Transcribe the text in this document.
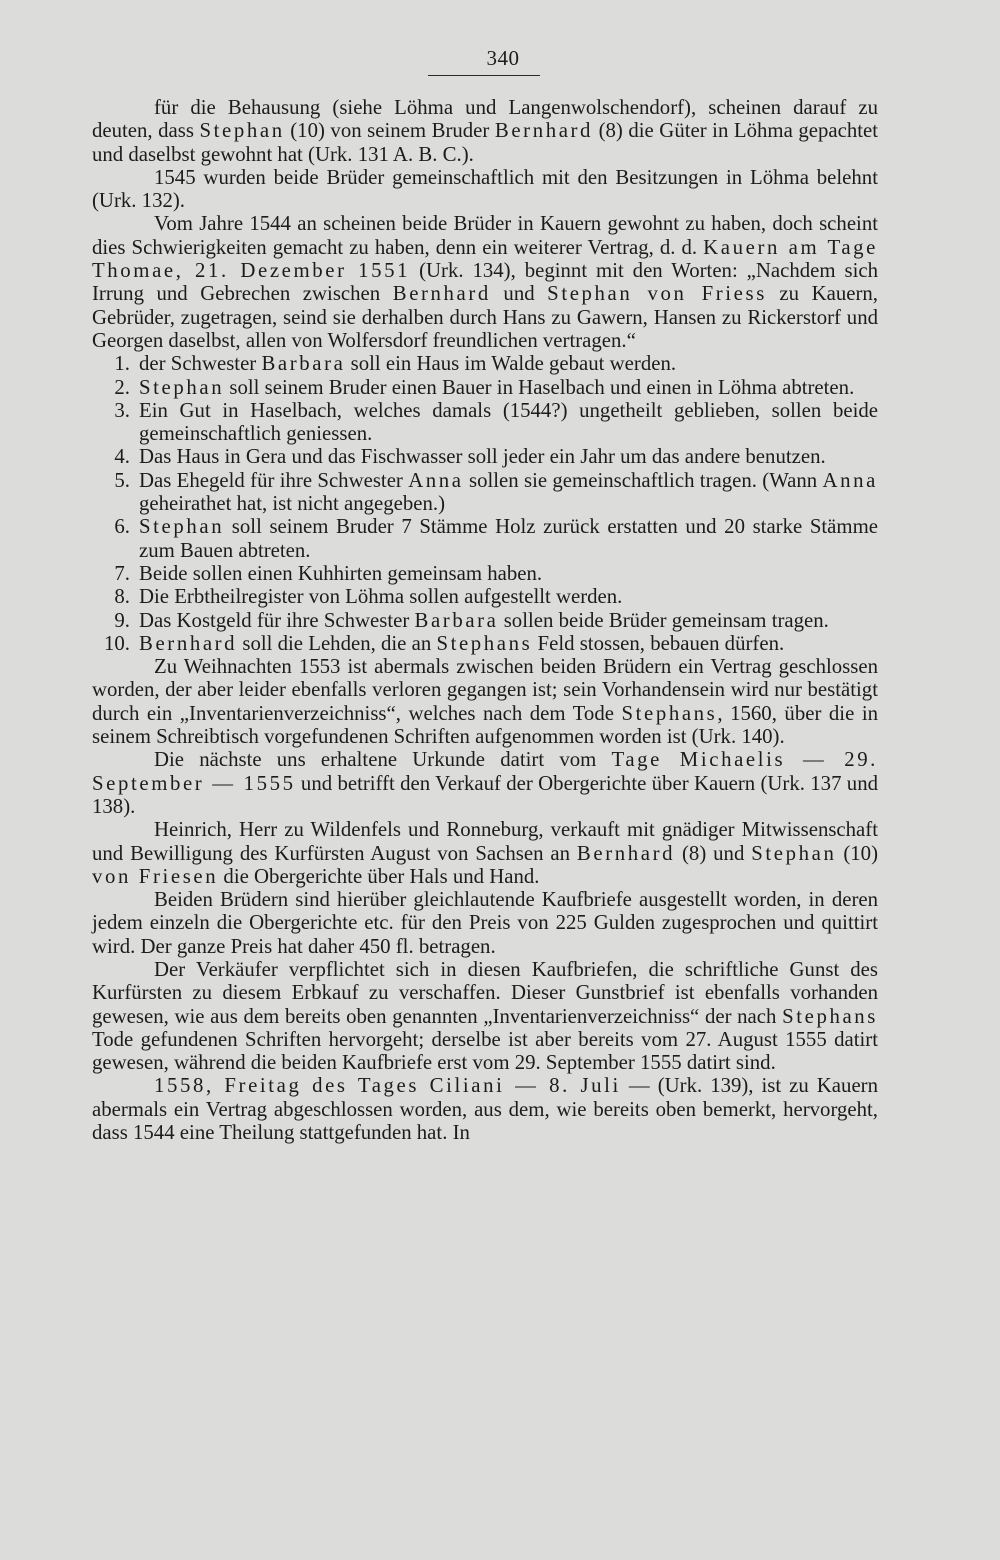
340

für die Behausung (siehe Löhma und Langenwolschendorf), scheinen darauf zu deuten, dass Stephan (10) von seinem Bruder Bernhard (8) die Güter in Löhma gepachtet und daselbst gewohnt hat (Urk. 131 A. B. C.).

1545 wurden beide Brüder gemeinschaftlich mit den Besitzungen in Löhma belehnt (Urk. 132).

Vom Jahre 1544 an scheinen beide Brüder in Kauern gewohnt zu haben, doch scheint dies Schwierigkeiten gemacht zu haben, denn ein weiterer Vertrag, d. d. Kauern am Tage Thomae, 21. Dezember 1551 (Urk. 134), beginnt mit den Worten: „Nachdem sich Irrung und Gebrechen zwischen Bernhard und Stephan von Friess zu Kauern, Gebrüder, zugetragen, seind sie derhalben durch Hans zu Gawern, Hansen zu Rickerstorf und Georgen daselbst, allen von Wolfersdorf freundlichen vertragen.“

1. der Schwester Barbara soll ein Haus im Walde gebaut werden.
2. Stephan soll seinem Bruder einen Bauer in Haselbach und einen in Löhma abtreten.
3. Ein Gut in Haselbach, welches damals (1544?) ungetheilt geblieben, sollen beide gemeinschaftlich geniessen.
4. Das Haus in Gera und das Fischwasser soll jeder ein Jahr um das andere benutzen.
5. Das Ehegeld für ihre Schwester Anna sollen sie gemeinschaftlich tragen. (Wann Anna geheirathet hat, ist nicht angegeben.)
6. Stephan soll seinem Bruder 7 Stämme Holz zurück erstatten und 20 starke Stämme zum Bauen abtreten.
7. Beide sollen einen Kuhhirten gemeinsam haben.
8. Die Erbtheilregister von Löhma sollen aufgestellt werden.
9. Das Kostgeld für ihre Schwester Barbara sollen beide Brüder gemeinsam tragen.
10. Bernhard soll die Lehden, die an Stephans Feld stossen, bebauen dürfen.

Zu Weihnachten 1553 ist abermals zwischen beiden Brüdern ein Vertrag geschlossen worden, der aber leider ebenfalls verloren gegangen ist; sein Vorhandensein wird nur bestätigt durch ein „Inventarienverzeichniss“, welches nach dem Tode Stephans, 1560, über die in seinem Schreibtisch vorgefundenen Schriften aufgenommen worden ist (Urk. 140).

Die nächste uns erhaltene Urkunde datirt vom Tage Michaelis — 29. September — 1555 und betrifft den Verkauf der Obergerichte über Kauern (Urk. 137 und 138).

Heinrich, Herr zu Wildenfels und Ronneburg, verkauft mit gnädiger Mitwissenschaft und Bewilligung des Kurfürsten August von Sachsen an Bernhard (8) und Stephan (10) von Friesen die Obergerichte über Hals und Hand.

Beiden Brüdern sind hierüber gleichlautende Kaufbriefe ausgestellt worden, in deren jedem einzeln die Obergerichte etc. für den Preis von 225 Gulden zugesprochen und quittirt wird. Der ganze Preis hat daher 450 fl. betragen.

Der Verkäufer verpflichtet sich in diesen Kaufbriefen, die schriftliche Gunst des Kurfürsten zu diesem Erbkauf zu verschaffen. Dieser Gunstbrief ist ebenfalls vorhanden gewesen, wie aus dem bereits oben genannten „Inventarienverzeichniss“ der nach Stephans Tode gefundenen Schriften hervorgeht; derselbe ist aber bereits vom 27. August 1555 datirt gewesen, während die beiden Kaufbriefe erst vom 29. September 1555 datirt sind.

1558, Freitag des Tages Ciliani — 8. Juli — (Urk. 139), ist zu Kauern abermals ein Vertrag abgeschlossen worden, aus dem, wie bereits oben bemerkt, hervorgeht, dass 1544 eine Theilung stattgefunden hat. In
